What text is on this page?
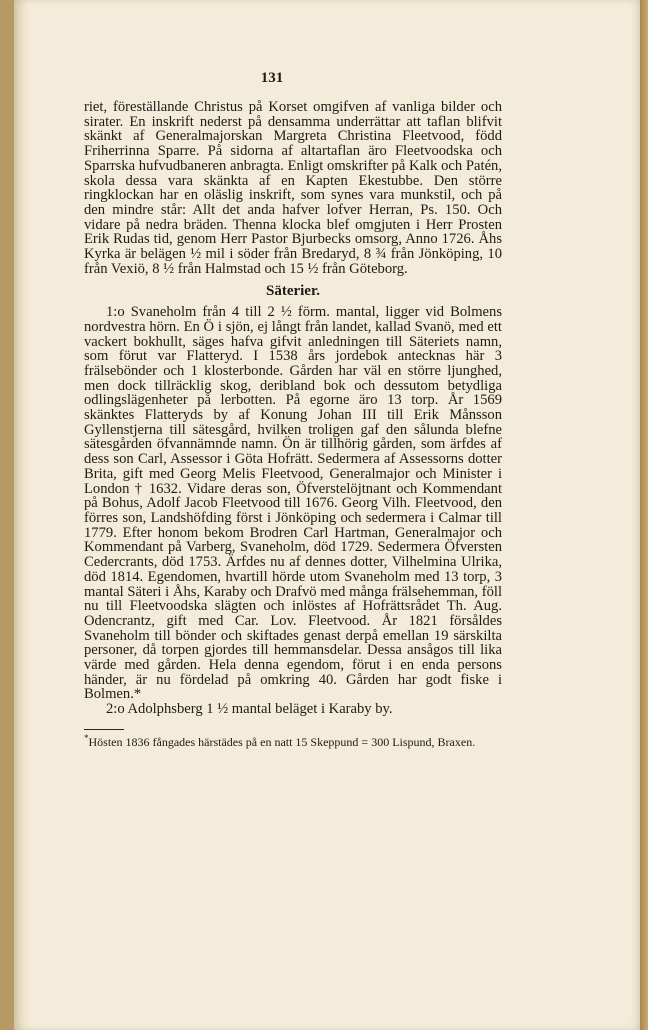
131

riet, föreställande Christus på Korset omgifven af vanliga bilder och sirater. En inskrift nederst på densamma underrättar att taflan blifvit skänkt af Generalmajorskan Margreta Christina Fleetvood, född Friherrinna Sparre. På sidorna af altartaflan äro Fleetvoodska och Sparrska hufvudbaneren anbragta. Enligt omskrifter på Kalk och Patén, skola dessa vara skänkta af en Kapten Ekestubbe. Den större ringklockan har en oläslig inskrift, som synes vara munkstil, och på den mindre står: Allt det anda hafver lofver Herran, Ps. 150. Och vidare på nedra bräden. Thenna klocka blef omgjuten i Herr Prosten Erik Rudas tid, genom Herr Pastor Bjurbecks omsorg, Anno 1726. Åhs Kyrka är belägen ½ mil i söder från Bredaryd, 8 ¾ från Jönköping, 10 från Vexiö, 8 ½ från Halmstad och 15 ½ från Göteborg.

Säterier.

1:o Svaneholm från 4 till 2 ½ förm. mantal, ligger vid Bolmens nordvestra hörn. En Ö i sjön, ej långt från landet, kallad Svanö, med ett vackert bokhullt, säges hafva gifvit anledningen till Säteriets namn, som förut var Flatteryd. I 1538 års jordebok antecknas här 3 frälsebönder och 1 klosterbonde. Gården har väl en större ljunghed, men dock tillräcklig skog, deribland bok och dessutom betydliga odlingslägenheter på lerbotten. På egorne äro 13 torp. År 1569 skänktes Flatteryds by af Konung Johan III till Erik Månsson Gyllenstjerna till sätesgård, hvilken troligen gaf den sålunda blefne sätesgården öfvannämnde namn. Ön är tillhörig gården, som ärfdes af dess son Carl, Assessor i Göta Hofrätt. Sedermera af Assessorns dotter Brita, gift med Georg Melis Fleetvood, Generalmajor och Minister i London † 1632. Vidare deras son, Öfverstelöjtnant och Kommendant på Bohus, Adolf Jacob Fleetvood till 1676. Georg Vilh. Fleetvood, den förres son, Landshöfding först i Jönköping och sedermera i Calmar till 1779. Efter honom bekom Brodren Carl Hartman, Generalmajor och Kommendant på Varberg, Svaneholm, död 1729. Sedermera Öfversten Cedercrants, död 1753. Ärfdes nu af dennes dotter, Vilhelmina Ulrika, död 1814. Egendomen, hvartill hörde utom Svaneholm med 13 torp, 3 mantal Säteri i Åhs, Karaby och Drafvö med många frälsehemman, föll nu till Fleetvoodska slägten och inlöstes af Hofrättsrådet Th. Aug. Odencrantz, gift med Car. Lov. Fleetvood. År 1821 försåldes Svaneholm till bönder och skiftades genast derpå emellan 19 särskilta personer, då torpen gjordes till hemmansdelar. Dessa ansågos till lika värde med gården. Hela denna egendom, förut i en enda persons händer, är nu fördelad på omkring 40. Gården har godt fiske i Bolmen.*

2:o Adolphsberg 1 ½ mantal beläget i Karaby by.

*Hösten 1836 fångades härstädes på en natt 15 Skeppund = 300 Lispund, Braxen.
